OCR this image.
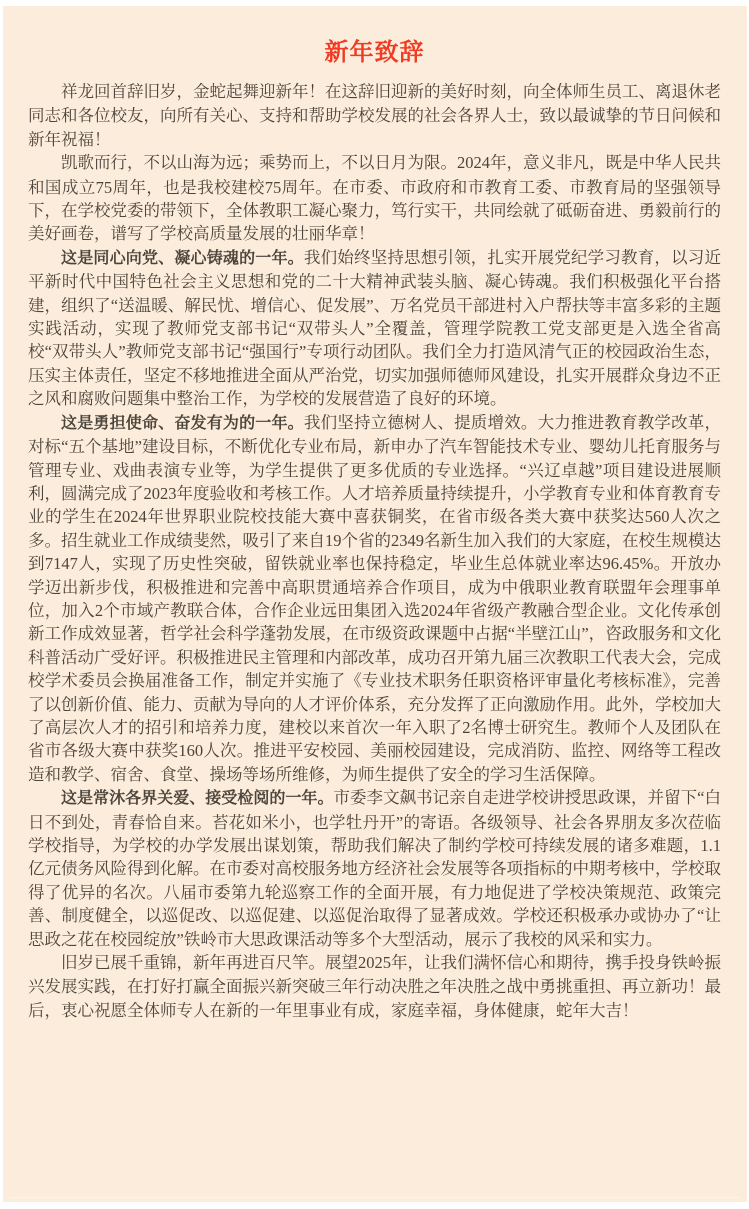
新年致辞

祥龙回首辞旧岁，金蛇起舞迎新年！在这辞旧迎新的美好时刻，向全体师生员工、离退休老同志和各位校友，向所有关心、支持和帮助学校发展的社会各界人士，致以最诚挚的节日问候和新年祝福！

凯歌而行，不以山海为远；乘势而上，不以日月为限。2024年，意义非凡，既是中华人民共和国成立75周年，也是我校建校75周年。在市委、市政府和市教育工委、市教育局的坚强领导下，在学校党委的带领下，全体教职工凝心聚力，笃行实干，共同绘就了砥砺奋进、勇毅前行的美好画卷，谱写了学校高质量发展的壮丽华章！

这是同心向党、凝心铸魂的一年。我们始终坚持思想引领，扎实开展党纪学习教育，以习近平新时代中国特色社会主义思想和党的二十大精神武装头脑、凝心铸魂。我们积极强化平台搭建，组织了“送温暖、解民忧、增信心、促发展”、万名党员干部进村入户帮扶等丰富多彩的主题实践活动，实现了教师党支部书记“双带头人”全覆盖，管理学院教工党支部更是入选全省高校“双带头人”教师党支部书记“强国行”专项行动团队。我们全力打造风清气正的校园政治生态，压实主体责任，坚定不移地推进全面从严治党，切实加强师德师风建设，扎实开展群众身边不正之风和腐败问题集中整治工作，为学校的发展营造了良好的环境。

这是勇担使命、奋发有为的一年。我们坚持立德树人、提质增效。大力推进教育教学改革，对标“五个基地”建设目标，不断优化专业布局，新申办了汽车智能技术专业、婴幼儿托育服务与管理专业、戏曲表演专业等，为学生提供了更多优质的专业选择。“兴辽卓越”项目建设进展顺利，圆满完成了2023年度验收和考核工作。人才培养质量持续提升，小学教育专业和体育教育专业的学生在2024年世界职业院校技能大赛中喜获铜奖，在省市级各类大赛中获奖达560人次之多。招生就业工作成绩斐然，吸引了来自19个省的2349名新生加入我们的大家庭，在校生规模达到7147人，实现了历史性突破，留铁就业率也保持稳定，毕业生总体就业率达96.45%。开放办学迈出新步伐，积极推进和完善中高职贯通培养合作项目，成为中俄职业教育联盟年会理事单位，加入2个市域产教联合体，合作企业远田集团入选2024年省级产教融合型企业。文化传承创新工作成效显著，哲学社会科学蓬勃发展，在市级资政课题中占据“半壁江山”，咨政服务和文化科普活动广受好评。积极推进民主管理和内部改革，成功召开第九届三次教职工代表大会，完成校学术委员会换届准备工作，制定并实施了《专业技术职务任职资格评审量化考核标准》，完善了以创新价值、能力、贡献为导向的人才评价体系，充分发挥了正向激励作用。此外，学校加大了高层次人才的招引和培养力度，建校以来首次一年入职了2名博士研究生。教师个人及团队在省市各级大赛中获奖160人次。推进平安校园、美丽校园建设，完成消防、监控、网络等工程改造和教学、宿舍、食堂、操场等场所维修，为师生提供了安全的学习生活保障。

这是常沐各界关爱、接受检阅的一年。市委李文飙书记亲自走进学校讲授思政课，并留下“白日不到处，青春恰自来。苔花如米小，也学牡丹开”的寄语。各级领导、社会各界朋友多次莅临学校指导，为学校的办学发展出谋划策，帮助我们解决了制约学校可持续发展的诸多难题，1.1亿元债务风险得到化解。在市委对高校服务地方经济社会发展等各项指标的中期考核中，学校取得了优异的名次。八届市委第九轮巡察工作的全面开展，有力地促进了学校决策规范、政策完善、制度健全，以巡促改、以巡促建、以巡促治取得了显著成效。学校还积极承办或协办了“让思政之花在校园绽放”铁岭市大思政课活动等多个大型活动，展示了我校的风采和实力。

旧岁已展千重锦，新年再进百尺竿。展望2025年，让我们满怀信心和期待，携手投身铁岭振兴发展实践，在打好打赢全面振兴新突破三年行动决胜之年决胜之战中勇挑重担、再立新功！最后，衷心祝愿全体师专人在新的一年里事业有成，家庭幸福，身体健康，蛇年大吉！
